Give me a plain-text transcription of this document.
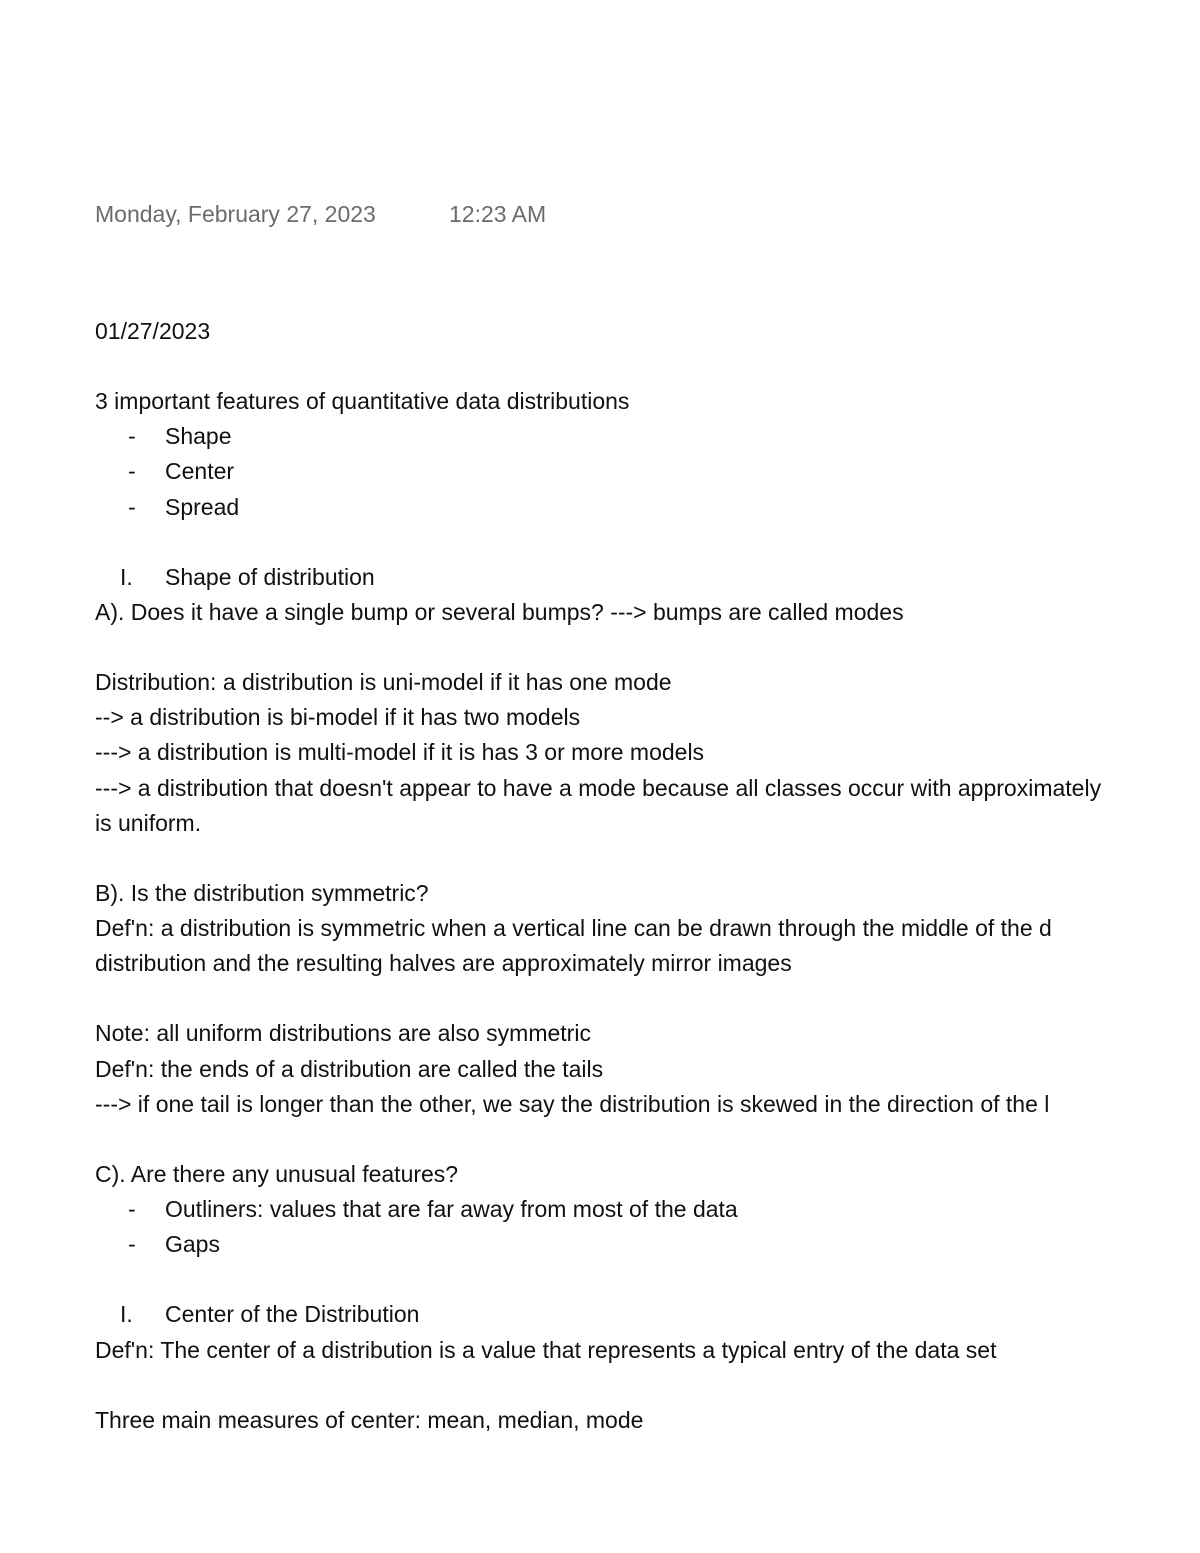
Monday, February 27, 2023	12:23 AM
01/27/2023
3 important features of quantitative data distributions
- Shape
- Center
- Spread
I. Shape of distribution
A). Does it have a single bump or several bumps? ---> bumps are called modes
Distribution: a distribution is uni-model if it has one mode
--> a distribution is bi-model if it has two models
---> a distribution is multi-model if it is has 3 or more models
---> a distribution that doesn't appear to have a mode because all classes occur with approximately
is uniform.
B). Is the distribution symmetric?
Def'n: a distribution is symmetric when a vertical line can be drawn through the middle of the d
distribution and the resulting halves are approximately mirror images
Note: all uniform distributions are also symmetric
Def'n: the ends of a distribution are called the tails
---> if one tail is longer than the other, we say the distribution is skewed in the direction of the l
C). Are there any unusual features?
- Outliners: values that are far away from most of the data
- Gaps
I. Center of the Distribution
Def'n: The center of a distribution is a value that represents a typical entry of the data set
Three main measures of center: mean, median, mode
